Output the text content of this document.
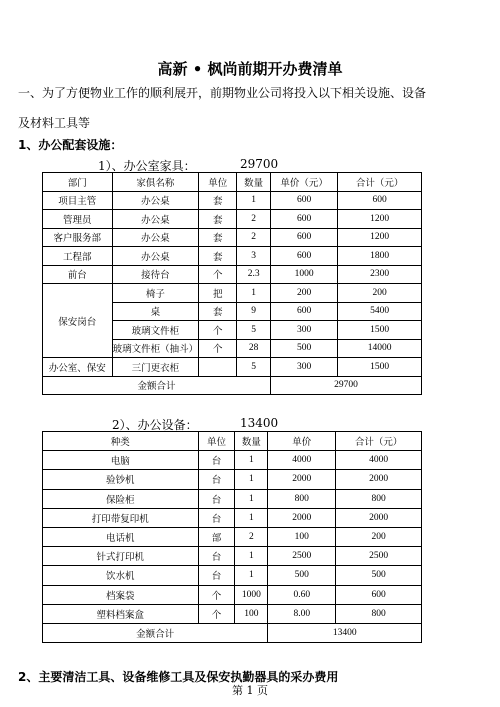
高新 • 枫尚前期开办费清单
一、为了方便物业工作的顺利展开，前期物业公司将投入以下相关设施、设备
及材料工具等
1、办公配套设施：
1）、办公室家具：	29700
部门	家俱名称	单位	数量	单价（元）	合计（元）
项目主管	办公桌	套	1	600	600
管理员	办公桌	套	2	600	1200
客户服务部	办公桌	套	2	600	1200
工程部	办公桌	套	3	600	1800
前台	接待台	个	2.3	1000	2300
保安岗台	椅子	把	1	200	200
	桌	套	9	600	5400
	玻璃文件柜	个	5	300	1500
	玻璃文件柜（抽斗）	个	28	500	14000
办公室、保安	三门更衣柜		5	300	1500
金额合计				29700	
2）、办公设备：	13400
种类	单位	数量	单价	合计（元）
电脑	台	1	4000	4000
验钞机	台	1	2000	2000
保险柜	台	1	800	800
打印带复印机	台	1	2000	2000
电话机	部	2	100	200
针式打印机	台	1	2500	2500
饮水机	台	1	500	500
档案袋	个	1000	0.60	600
塑料档案盒	个	100	8.00	800
金额合计			13400	
2、主要清洁工具、设备维修工具及保安执勤器具的采办费用
第 1 页
